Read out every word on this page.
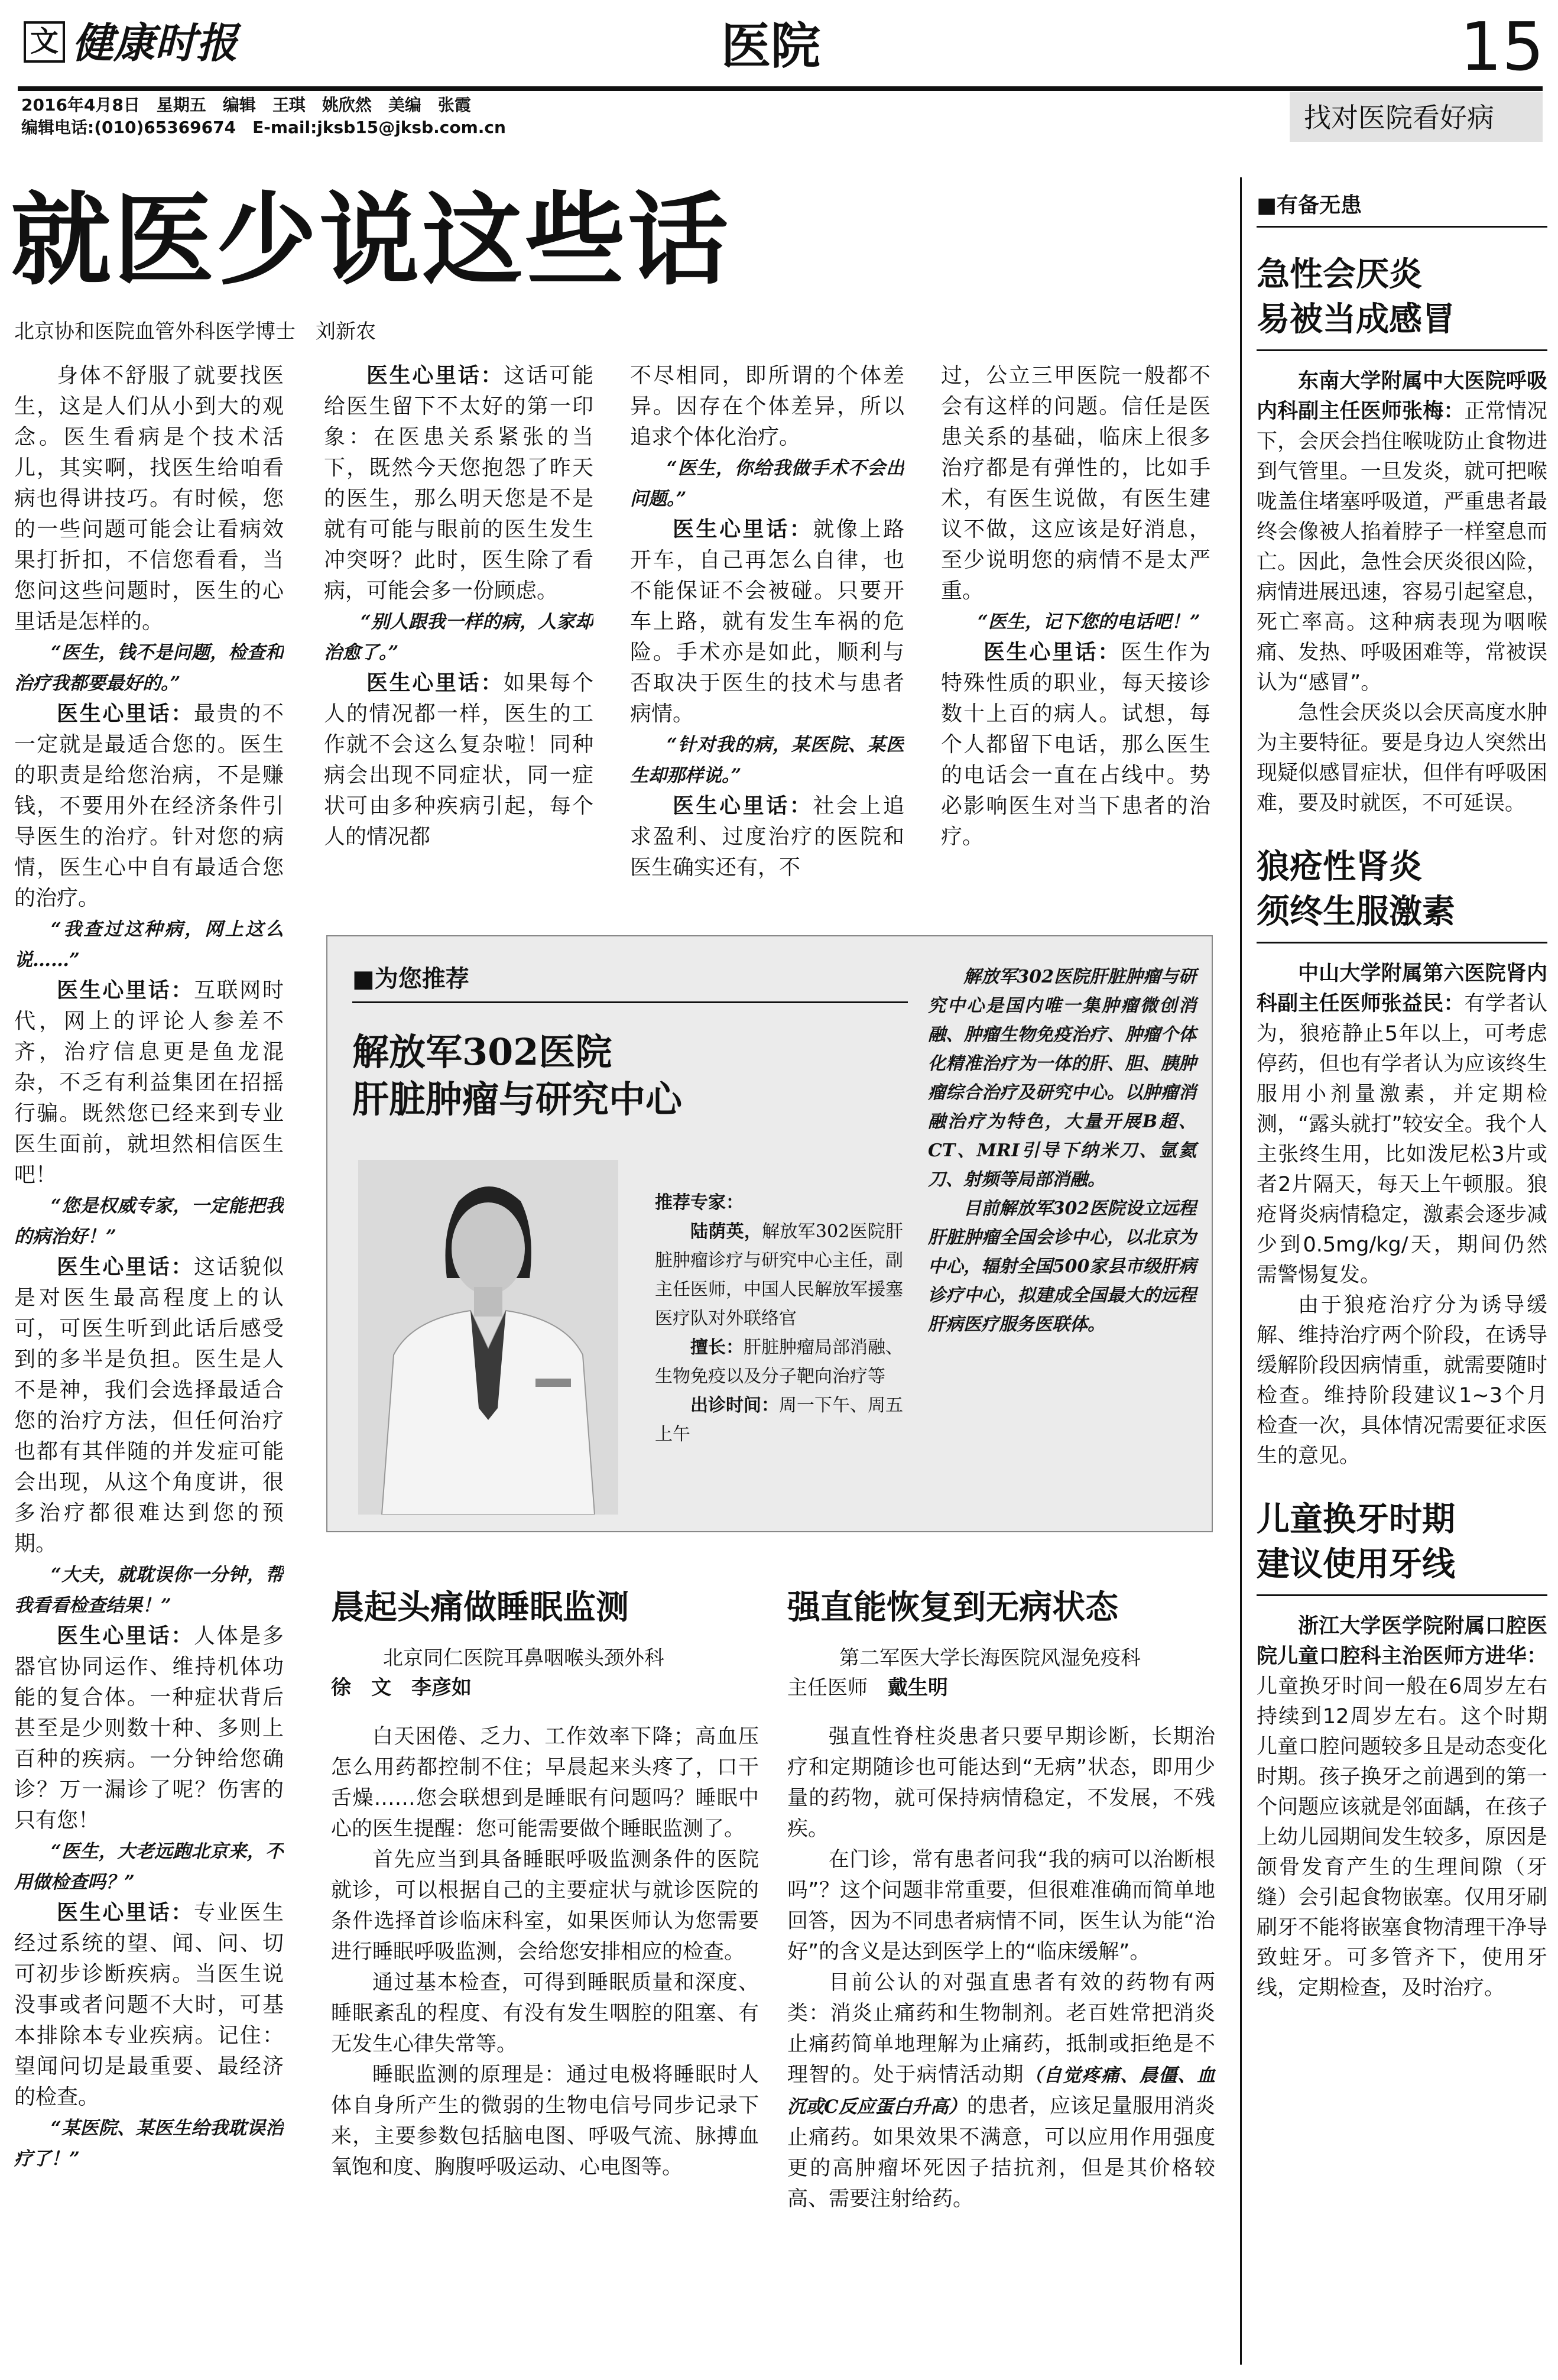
文 健康时报	医院	15
2016年4月8日　星期五　编辑　王琪　姚欣然　美编　张霞
编辑电话:(010)65369674　E-mail:jksb15@jksb.com.cn	找对医院看好病
就医少说这些话
北京协和医院血管外科医学博士　刘新农
身体不舒服了就要找医生，这是人们从小到大的观念。医生看病是个技术活儿，其实啊，找医生给咱看病也得讲技巧。有时候，您的一些问题可能会让看病效果打折扣，不信您看看，当您问这些问题时，医生的心里话是怎样的。
“医生，钱不是问题，检查和治疗我都要最好的。”
医生心里话：最贵的不一定就是最适合您的。医生的职责是给您治病，不是赚钱，不要用外在经济条件引导医生的治疗。针对您的病情，医生心中自有最适合您的治疗。
“我查过这种病，网上这么说……”
医生心里话：互联网时代，网上的评论人参差不齐，治疗信息更是鱼龙混杂，不乏有利益集团在招摇行骗。既然您已经来到专业医生面前，就坦然相信医生吧！
“您是权威专家，一定能把我的病治好！”
医生心里话：这话貌似是对医生最高程度上的认可，可医生听到此话后感受到的多半是负担。医生是人不是神，我们会选择最适合您的治疗方法，但任何治疗也都有其伴随的并发症可能会出现，从这个角度讲，很多治疗都很难达到您的预期。
“大夫，就耽误你一分钟，帮我看看检查结果！”
医生心里话：人体是多器官协同运作、维持机体功能的复合体。一种症状背后甚至是少则数十种、多则上百种的疾病。一分钟给您确诊？万一漏诊了呢？伤害的只有您！
“医生，大老远跑北京来，不用做检查吗？”
医生心里话：专业医生经过系统的望、闻、问、切可初步诊断疾病。当医生说没事或者问题不大时，可基本排除本专业疾病。记住：望闻问切是最重要、最经济的检查。
“某医院、某医生给我耽误治疗了！”
医生心里话：这话可能给医生留下不太好的第一印象：在医患关系紧张的当下，既然今天您抱怨了昨天的医生，那么明天您是不是就有可能与眼前的医生发生冲突呀？此时，医生除了看病，可能会多一份顾虑。
“别人跟我一样的病，人家却治愈了。”
医生心里话：如果每个人的情况都一样，医生的工作就不会这么复杂啦！同种病会出现不同症状，同一症状可由多种疾病引起，每个人的情况都
不尽相同，即所谓的个体差异。因存在个体差异，所以追求个体化治疗。
“医生，你给我做手术不会出问题。”
医生心里话：就像上路开车，自己再怎么自律，也不能保证不会被碰。只要开车上路，就有发生车祸的危险。手术亦是如此，顺利与否取决于医生的技术与患者病情。
“针对我的病，某医院、某医生却那样说。”
医生心里话：社会上追求盈利、过度治疗的医院和医生确实还有，不
过，公立三甲医院一般都不会有这样的问题。信任是医患关系的基础，临床上很多治疗都是有弹性的，比如手术，有医生说做，有医生建议不做，这应该是好消息，至少说明您的病情不是太严重。
“医生，记下您的电话吧！”
医生心里话：医生作为特殊性质的职业，每天接诊数十上百的病人。试想，每个人都留下电话，那么医生的电话会一直在占线中。势必影响医生对当下患者的治疗。
■为您推荐
解放军302医院
肝脏肿瘤与研究中心
推荐专家：
陆荫英，解放军302医院肝脏肿瘤诊疗与研究中心主任，副主任医师，中国人民解放军援塞医疗队对外联络官
擅长：肝脏肿瘤局部消融、生物免疫以及分子靶向治疗等
出诊时间：周一下午、周五上午
解放军302医院肝脏肿瘤与研究中心是国内唯一集肿瘤微创消融、肿瘤生物免疫治疗、肿瘤个体化精准治疗为一体的肝、胆、胰肿瘤综合治疗及研究中心。以肿瘤消融治疗为特色，大量开展B超、CT、MRI引导下纳米刀、氩氦刀、射频等局部消融。
目前解放军302医院设立远程肝脏肿瘤全国会诊中心，以北京为中心，辐射全国500家县市级肝病诊疗中心，拟建成全国最大的远程肝病医疗服务医联体。
晨起头痛做睡眠监测
北京同仁医院耳鼻咽喉头颈外科
徐　文　李彦如
白天困倦、乏力、工作效率下降；高血压怎么用药都控制不住；早晨起来头疼了，口干舌燥……您会联想到是睡眠有问题吗？睡眠中心的医生提醒：您可能需要做个睡眠监测了。
首先应当到具备睡眠呼吸监测条件的医院就诊，可以根据自己的主要症状与就诊医院的条件选择首诊临床科室，如果医师认为您需要进行睡眠呼吸监测，会给您安排相应的检查。
通过基本检查，可得到睡眠质量和深度、睡眠紊乱的程度、有没有发生咽腔的阻塞、有无发生心律失常等。
睡眠监测的原理是：通过电极将睡眠时人体自身所产生的微弱的生物电信号同步记录下来，主要参数包括脑电图、呼吸气流、脉搏血氧饱和度、胸腹呼吸运动、心电图等。
强直能恢复到无病状态
第二军医大学长海医院风湿免疫科
主任医师　 戴生明
强直性脊柱炎患者只要早期诊断，长期治疗和定期随诊也可能达到“无病”状态，即用少量的药物，就可保持病情稳定，不发展，不残疾。
在门诊，常有患者问我“我的病可以治断根吗”？这个问题非常重要，但很难准确而简单地回答，因为不同患者病情不同，医生认为能“治好”的含义是达到医学上的“临床缓解”。
目前公认的对强直患者有效的药物有两类：消炎止痛药和生物制剂。老百姓常把消炎止痛药简单地理解为止痛药，抵制或拒绝是不理智的。处于病情活动期（自觉疼痛、晨僵、血沉或C反应蛋白升高）的患者，应该足量服用消炎止痛药。如果效果不满意，可以应用作用强度更的高肿瘤坏死因子拮抗剂，但是其价格较高、需要注射给药。
■有备无患
急性会厌炎
易被当成感冒
东南大学附属中大医院呼吸内科副主任医师张梅：正常情况下，会厌会挡住喉咙防止食物进到气管里。一旦发炎，就可把喉咙盖住堵塞呼吸道，严重患者最终会像被人掐着脖子一样窒息而亡。因此，急性会厌炎很凶险，病情进展迅速，容易引起窒息，死亡率高。这种病表现为咽喉痛、发热、呼吸困难等，常被误认为“感冒”。
急性会厌炎以会厌高度水肿为主要特征。要是身边人突然出现疑似感冒症状，但伴有呼吸困难，要及时就医，不可延误。
狼疮性肾炎
须终生服激素
中山大学附属第六医院肾内科副主任医师张益民：有学者认为，狼疮静止5年以上，可考虑停药，但也有学者认为应该终生服用小剂量激素，并定期检测，“露头就打”较安全。我个人主张终生用，比如泼尼松3片或者2片隔天，每天上午顿服。狼疮肾炎病情稳定，激素会逐步减少到0.5mg/kg/天，期间仍然需警惕复发。
由于狼疮治疗分为诱导缓解、维持治疗两个阶段，在诱导缓解阶段因病情重，就需要随时检查。维持阶段建议1~3个月检查一次，具体情况需要征求医生的意见。
儿童换牙时期
建议使用牙线
浙江大学医学院附属口腔医院儿童口腔科主治医师方进华：儿童换牙时间一般在6周岁左右持续到12周岁左右。这个时期儿童口腔问题较多且是动态变化时期。孩子换牙之前遇到的第一个问题应该就是邻面龋，在孩子上幼儿园期间发生较多，原因是颌骨发育产生的生理间隙（牙缝）会引起食物嵌塞。仅用牙刷刷牙不能将嵌塞食物清理干净导致蛀牙。可多管齐下，使用牙线，定期检查，及时治疗。
